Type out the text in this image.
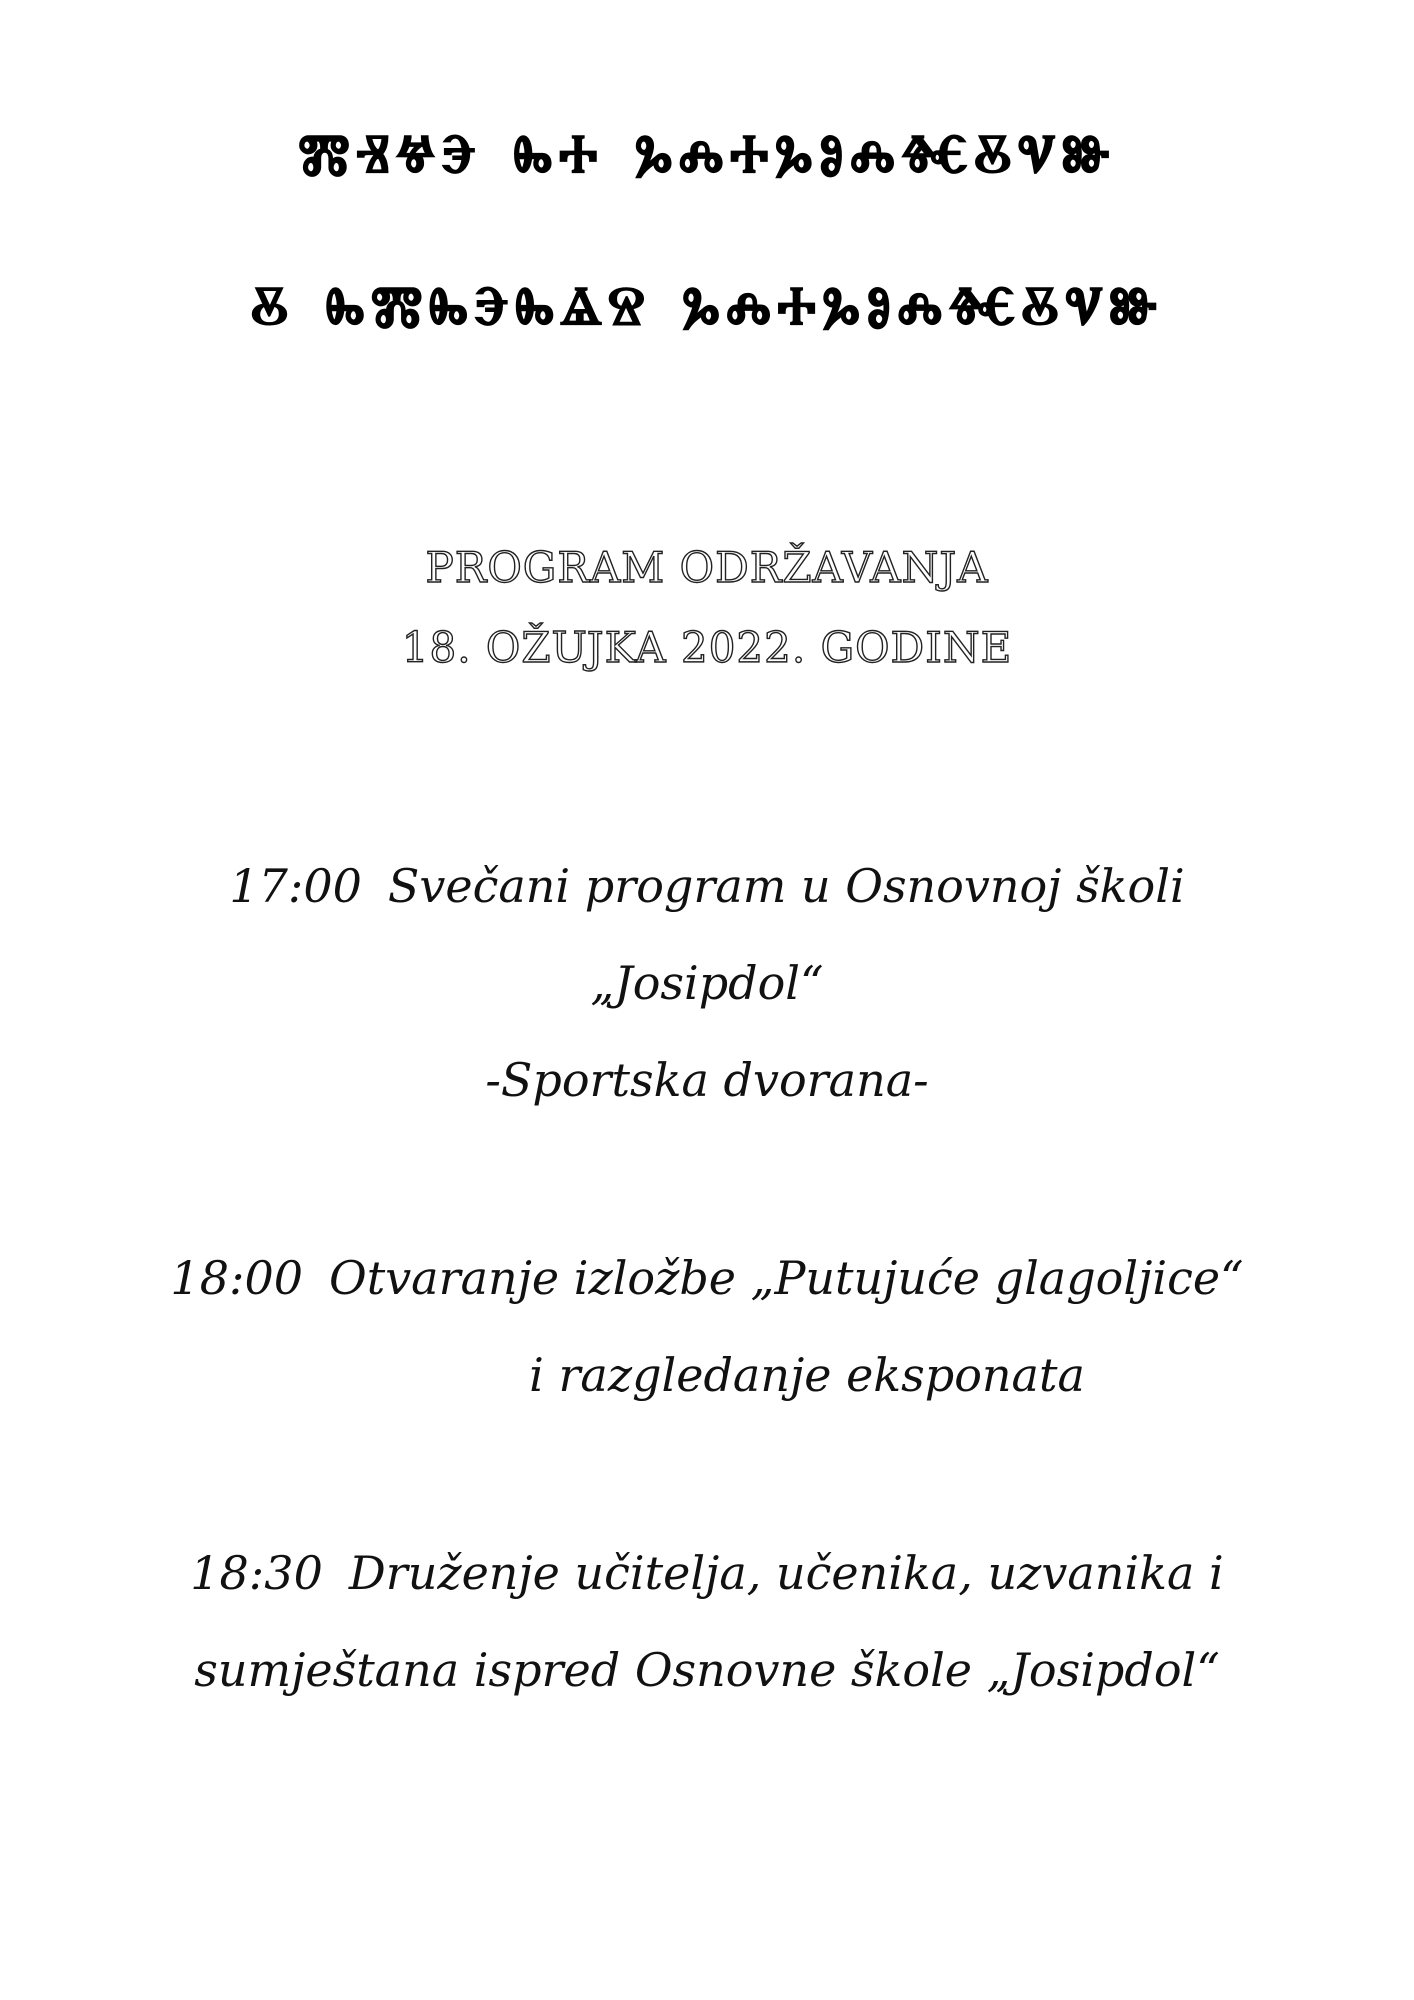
ⰿⱐⱍⰵ ⰸⰰ ⰳⰾⰰⰳⱁⰾⱙⰻⱌⱆ
ⰻ ⰸⰿⰸⰵⰸⱑⱄ ⰳⰾⰰⰳⱁⰾⱙⰻⱌⱆ
PROGRAM ODRŽAVANJA
18. OŽUJKA 2022. GODINE
17:00 Svečani program u Osnovnoj školi
„Josipdol“
-Sportska dvorana-
18:00 Otvaranje izložbe „Putujuće glagoljice“
i razgledanje eksponata
18:30 Druženje učitelja, učenika, uzvanika i
sumještana ispred Osnovne škole „Josipdol“
